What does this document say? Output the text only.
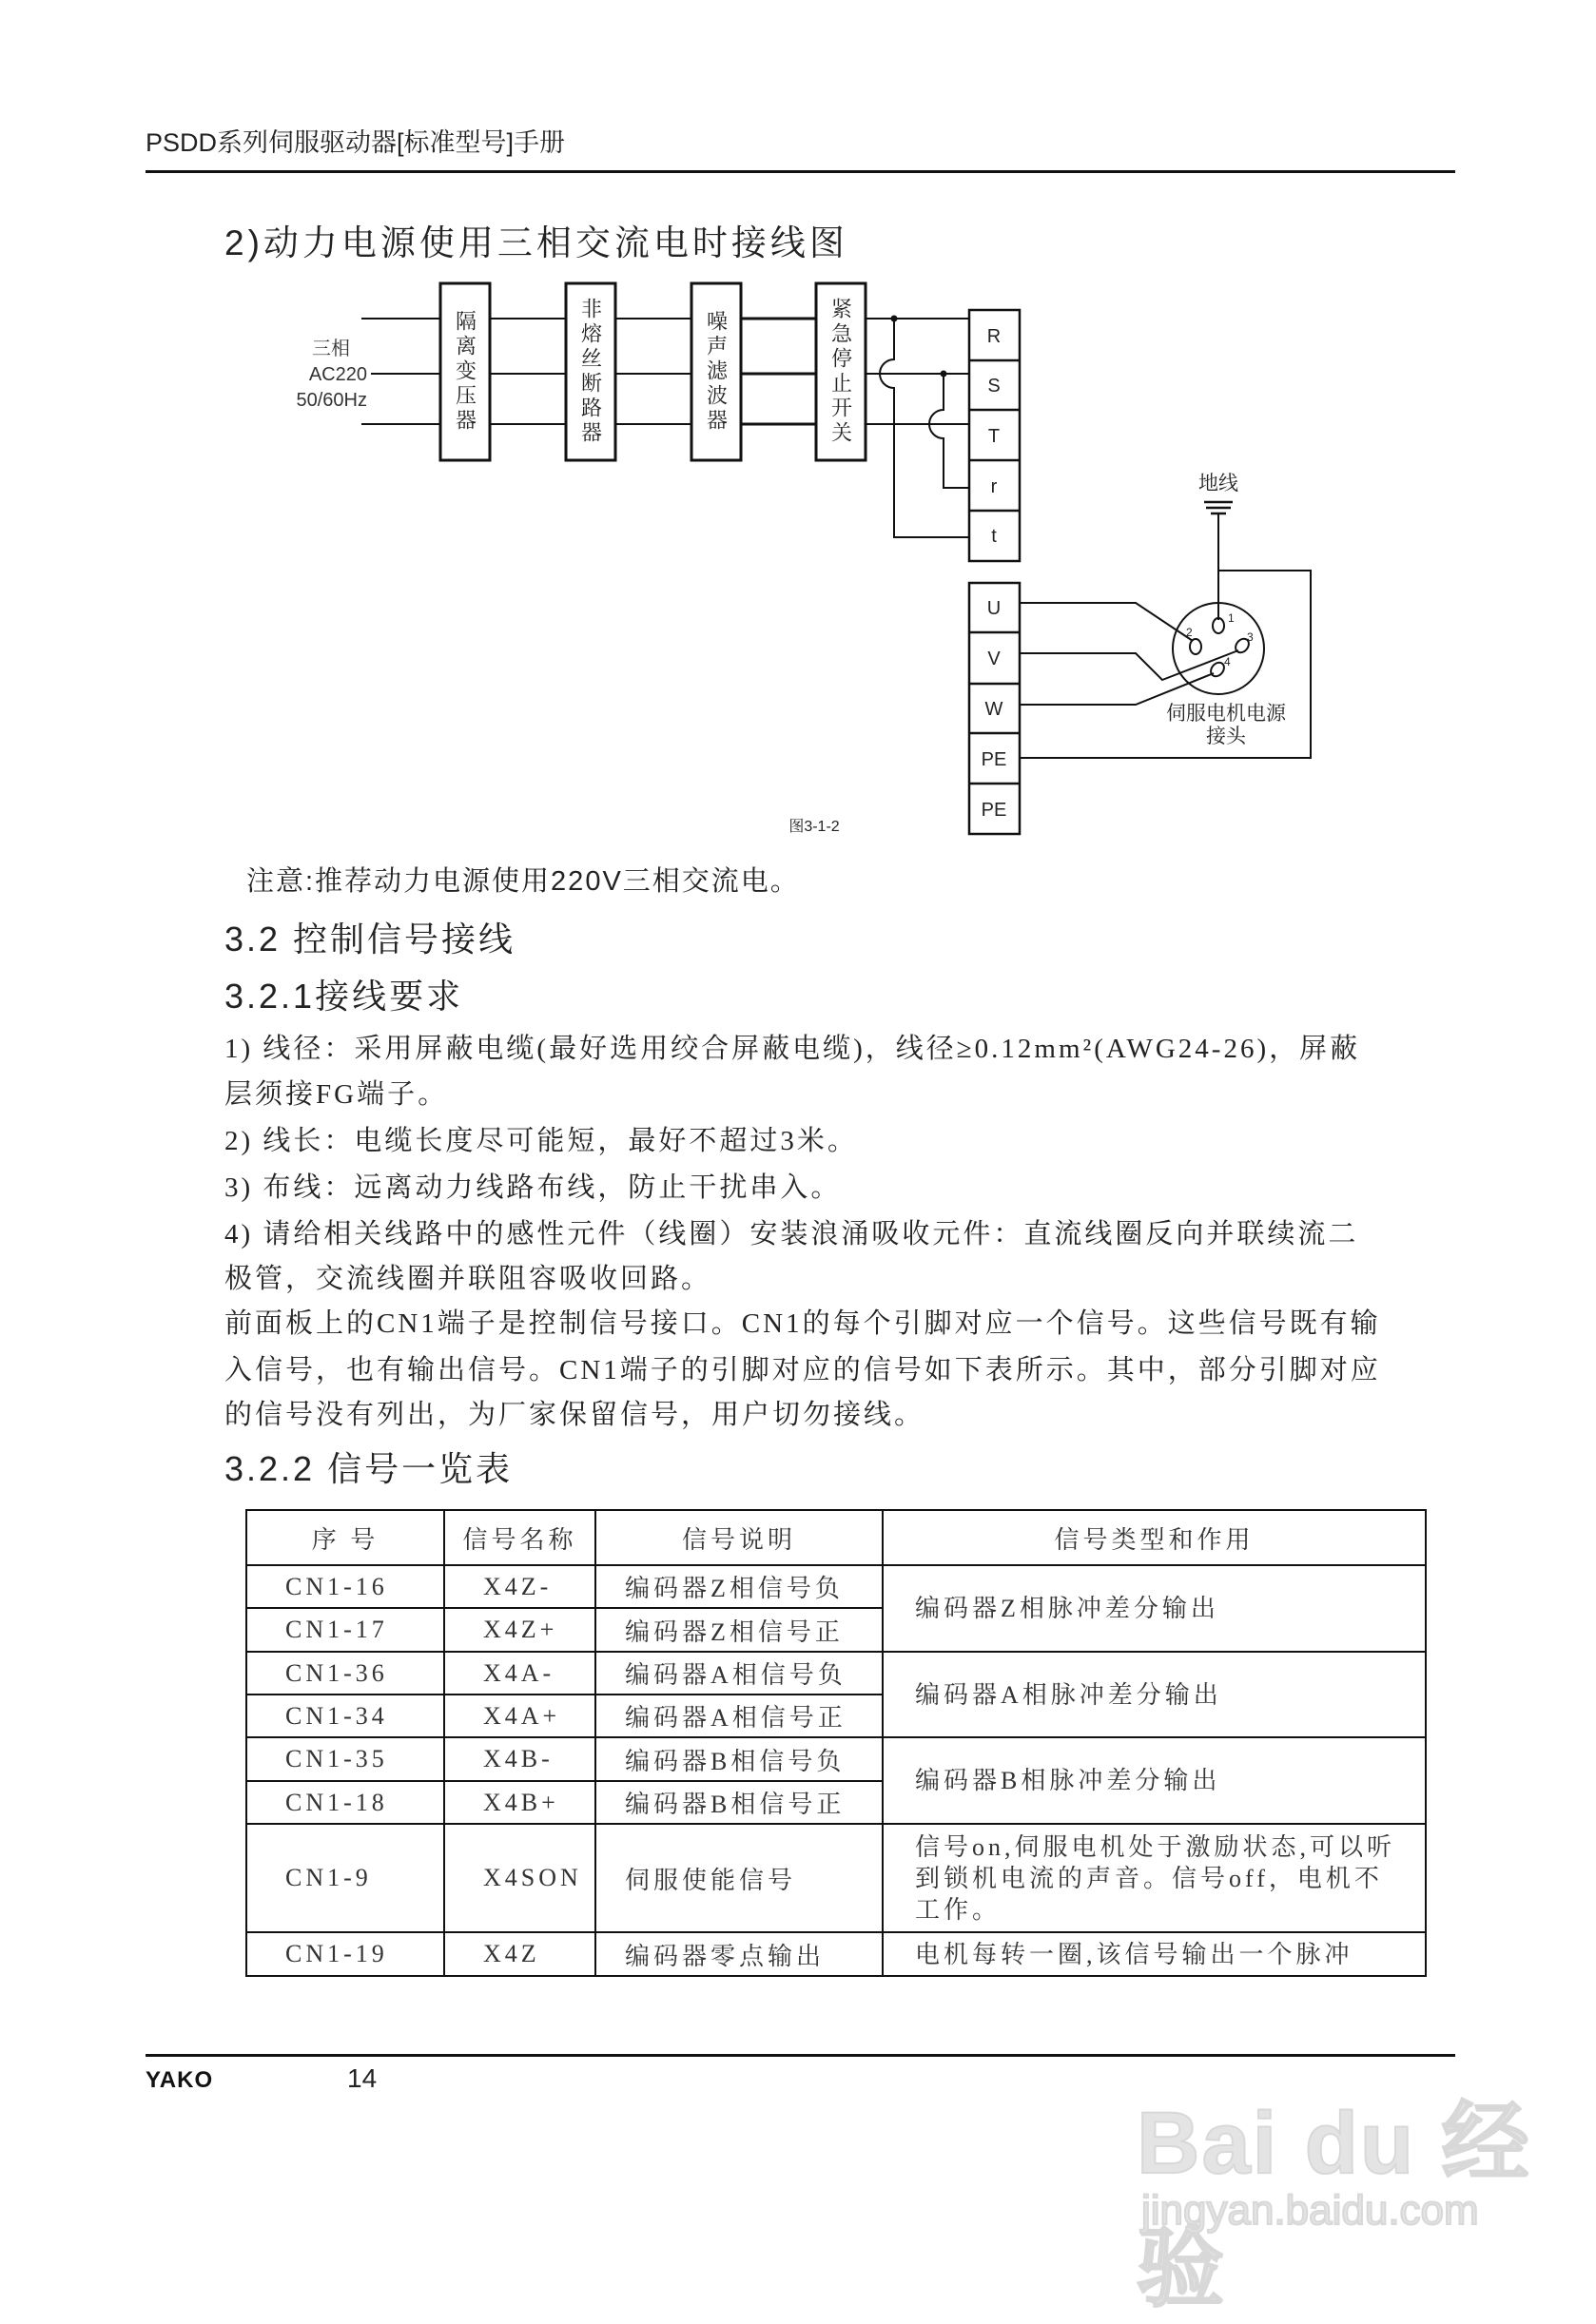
PSDD系列伺服驱动器[标准型号]手册
2)动力电源使用三相交流电时接线图
三相
AC220
50/60Hz
R
S
T
r
t
U
V
W
PE
PE
地线
伺服电机电源
接头
图3-1-2
1
2	3
4
隔离变压器	非熔丝断路器	噪声滤波器	紧急停止开关
注意:推荐动力电源使用220V三相交流电。
3.2 控制信号接线
3.2.1接线要求
1) 线径：采用屏蔽电缆(最好选用绞合屏蔽电缆)，线径≥0.12mm²(AWG24-26)，屏蔽
层须接FG端子。
2) 线长：电缆长度尽可能短，最好不超过3米。
3) 布线：远离动力线路布线，防止干扰串入。
4) 请给相关线路中的感性元件（线圈）安装浪涌吸收元件：直流线圈反向并联续流二
极管，交流线圈并联阻容吸收回路。
前面板上的CN1端子是控制信号接口。CN1的每个引脚对应一个信号。这些信号既有输
入信号，也有输出信号。CN1端子的引脚对应的信号如下表所示。其中，部分引脚对应
的信号没有列出，为厂家保留信号，用户切勿接线。
3.2.2 信号一览表
序 号	信号名称	信号说明	信号类型和作用
CN1-16	X4Z-	编码器Z相信号负	编码器Z相脉冲差分输出
CN1-17	X4Z+	编码器Z相信号正	
CN1-36	X4A-	编码器A相信号负	编码器A相脉冲差分输出
CN1-34	X4A+	编码器A相信号正	
CN1-35	X4B-	编码器B相信号负	编码器B相脉冲差分输出
CN1-18	X4B+	编码器B相信号正	
CN1-9	X4SON	伺服使能信号	信号on,伺服电机处于激励状态,可以听到锁机电流的声音。信号off，电机不工作。
CN1-19	X4Z	编码器零点输出	电机每转一圈,该信号输出一个脉冲
YAKO	14
Bai du 经验
jingyan.baidu.com
